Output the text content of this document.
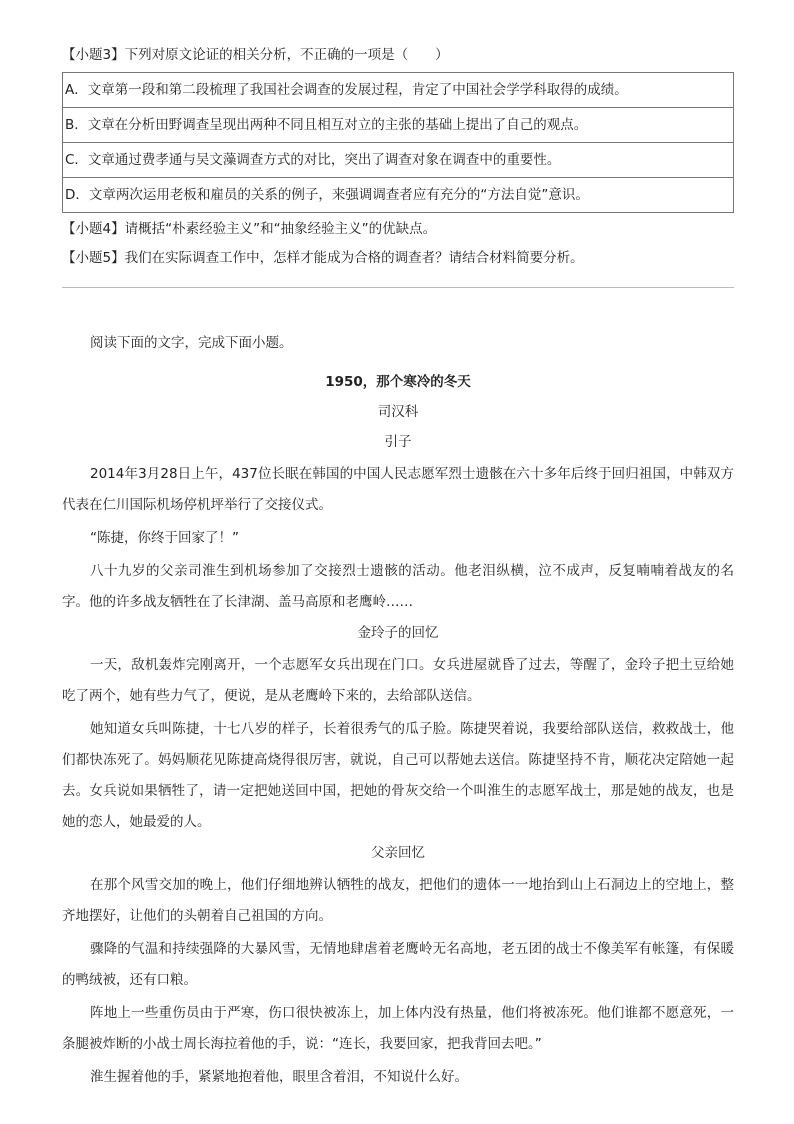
【小题3】下列对原文论证的相关分析，不正确的一项是（　　）
A．文章第一段和第二段梳理了我国社会调查的发展过程，肯定了中国社会学学科取得的成绩。
B．文章在分析田野调查呈现出两种不同且相互对立的主张的基础上提出了自己的观点。
C．文章通过费孝通与吴文藻调查方式的对比，突出了调查对象在调查中的重要性。
D．文章两次运用老板和雇员的关系的例子，来强调调查者应有充分的“方法自觉”意识。
【小题4】请概括“朴素经验主义”和“抽象经验主义”的优缺点。
【小题5】我们在实际调查工作中，怎样才能成为合格的调查者？请结合材料简要分析。
阅读下面的文字，完成下面小题。
1950，那个寒冷的冬天
司汉科
引子

2014年3月28日上午，437位长眠在韩国的中国人民志愿军烈士遗骸在六十多年后终于回归祖国，中韩双方代表在仁川国际机场停机坪举行了交接仪式。

“陈捷，你终于回家了！”

八十九岁的父亲司淮生到机场参加了交接烈士遗骸的活动。他老泪纵横，泣不成声，反复喃喃着战友的名字。他的许多战友牺牲在了长津湖、盖马高原和老鹰岭……

金玲子的回忆

一天，敌机轰炸完刚离开，一个志愿军女兵出现在门口。女兵进屋就昏了过去，等醒了，金玲子把土豆给她吃了两个，她有些力气了，便说，是从老鹰岭下来的，去给部队送信。

她知道女兵叫陈捷，十七八岁的样子，长着很秀气的瓜子脸。陈捷哭着说，我要给部队送信，救救战士，他们都快冻死了。妈妈顺花见陈捷高烧得很厉害，就说，自己可以帮她去送信。陈捷坚持不肯，顺花决定陪她一起去。女兵说如果牺牲了，请一定把她送回中国，把她的骨灰交给一个叫淮生的志愿军战士，那是她的战友，也是她的恋人，她最爱的人。

父亲回忆

在那个风雪交加的晚上，他们仔细地辨认牺牲的战友，把他们的遗体一一地抬到山上石洞边上的空地上，整齐地摆好，让他们的头朝着自己祖国的方向。

骤降的气温和持续强降的大暴风雪，无情地肆虐着老鹰岭无名高地，老五团的战士不像美军有帐篷，有保暖的鸭绒被，还有口粮。

阵地上一些重伤员由于严寒，伤口很快被冻上，加上体内没有热量，他们将被冻死。他们谁都不愿意死，一条腿被炸断的小战士周长海拉着他的手，说：“连长，我要回家，把我背回去吧。”

淮生握着他的手，紧紧地抱着他，眼里含着泪，不知说什么好。
